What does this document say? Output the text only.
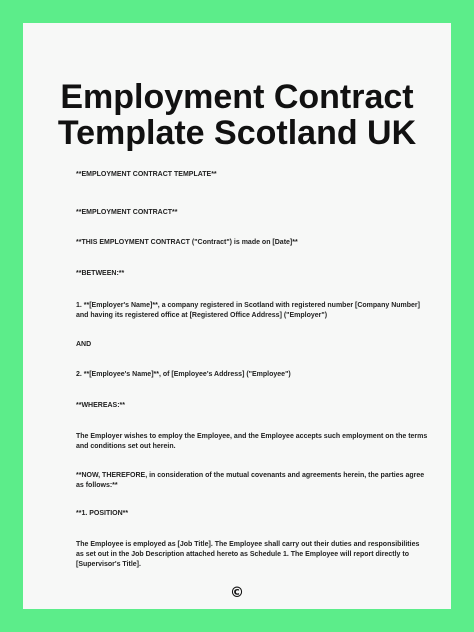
Employment Contract
Template Scotland UK

**EMPLOYMENT CONTRACT TEMPLATE**

**EMPLOYMENT CONTRACT**

**THIS EMPLOYMENT CONTRACT ("Contract") is made on [Date]**

**BETWEEN:**

1. **[Employer's Name]**, a company registered in Scotland with registered number [Company Number] and having its registered office at [Registered Office Address] ("Employer")

AND

2. **[Employee's Name]**, of [Employee's Address] ("Employee")

**WHEREAS:**

The Employer wishes to employ the Employee, and the Employee accepts such employment on the terms and conditions set out herein.

**NOW, THEREFORE, in consideration of the mutual covenants and agreements herein, the parties agree as follows:**

**1. POSITION**

The Employee is employed as [Job Title]. The Employee shall carry out their duties and responsibilities as set out in the Job Description attached hereto as Schedule 1. The Employee will report directly to [Supervisor's Title].

©
